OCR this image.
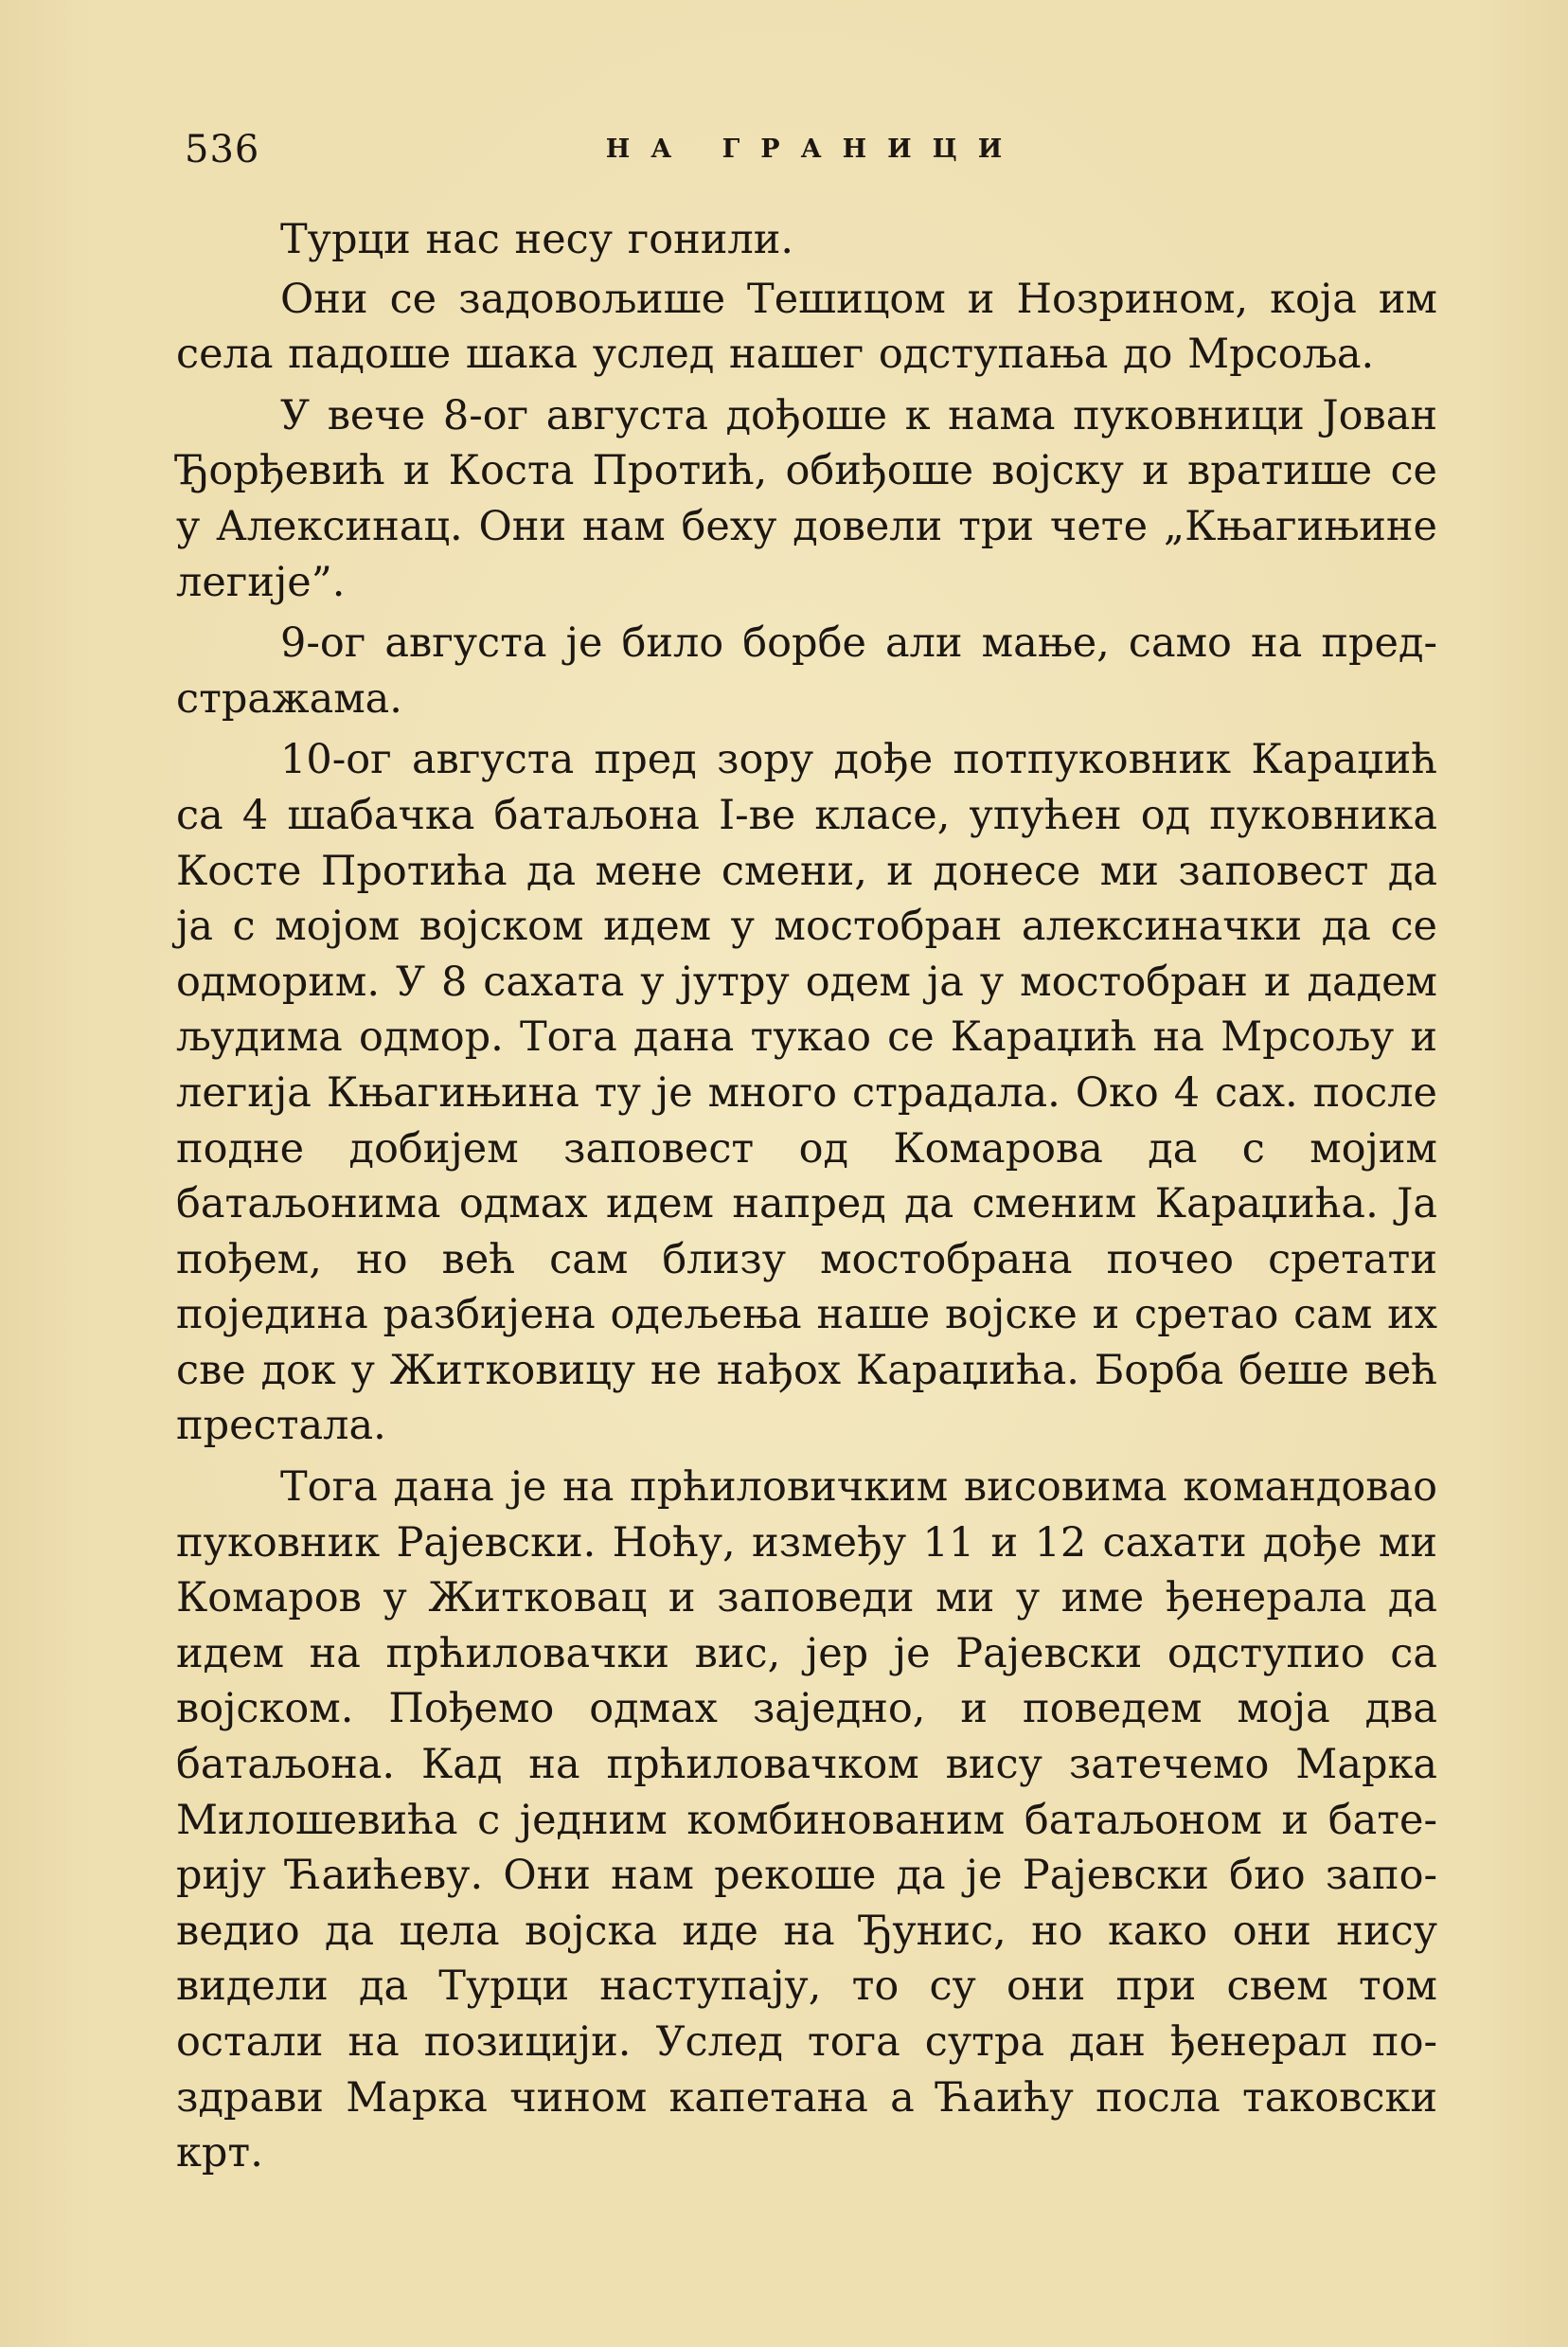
536	НА ГРАНИЦИ

Турци нас несу гонили.

Они се задовољише Тешицом и Нозрином, која им села падоше шака услед нашег одступања до Мрсоља.

У вече 8-ог августа дођоше к нама пуковници Јован Ђорђевић и Коста Протић, обиђоше војску и вратише се у Алексинац. Они нам беху довели три чете „Књагињине легије”.

9-ог августа је било борбе али мање, само на предстражама.

10-ог августа пред зору дође потпуковник Караџић са 4 шабачка батаљона I-ве класе, упућен од пуковника Косте Протића да мене смени, и донесе ми заповест да ја с мојом војском идем у мостобран алексиначки да се одморим. У 8 сахата у јутру одем ја у мостобран и дадем људима одмор. Тога дана тукао се Караџић на Мрсољу и легија Књагињина ту је много страдала. Око 4 сах. после подне добијем заповест од Комарова да с мојим батаљонима одмах идем напред да сменим Караџића. Ја пођем, но већ сам близу мостобрана почео сретати поједина разбијена одељења наше војске и сретао сам их све док у Житковицу не нађох Караџића. Борба беше већ престала.

Тога дана је на прћиловичким висовима командовао пуковник Рајевски. Ноћу, између 11 и 12 сахати дође ми Комаров у Житковац и заповеди ми у име ђенерала да идем на прћиловачки вис, јер је Рајевски одступио са војском. Пођемо одмах заједно, и поведем моја два батаљона. Кад на прћиловачком вису затечемо Марка Милошевића с једним комбинованим батаљоном и батерију Ћаићеву. Они нам рекоше да је Рајевски био заповедио да цела војска иде на Ђунис, но како они нису видели да Турци наступају, то су они при свем том остали на позицији. Услед тога сутра дан ђенерал поздрави Марка чином капетана а Ћаићу посла таковски крт.
